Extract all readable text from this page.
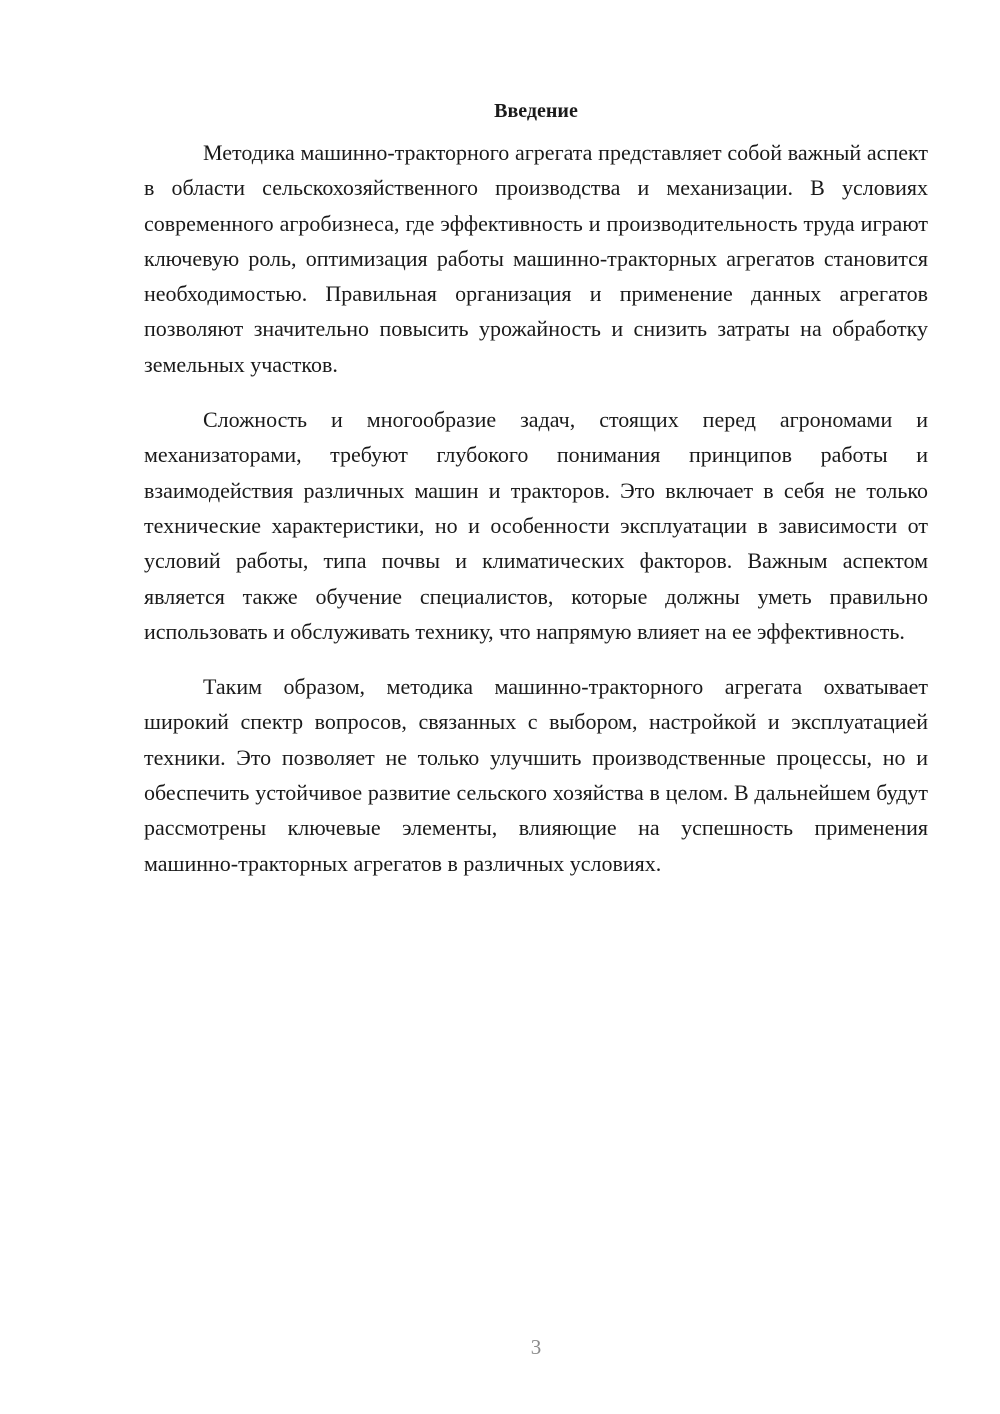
Введение

Методика машинно-тракторного агрегата представляет собой важный аспект в области сельскохозяйственного производства и механизации. В условиях современного агробизнеса, где эффективность и производительность труда играют ключевую роль, оптимизация работы машинно-тракторных агрегатов становится необходимостью. Правильная организация и применение данных агрегатов позволяют значительно повысить урожайность и снизить затраты на обработку земельных участков.

Сложность и многообразие задач, стоящих перед агрономами и механизаторами, требуют глубокого понимания принципов работы и взаимодействия различных машин и тракторов. Это включает в себя не только технические характеристики, но и особенности эксплуатации в зависимости от условий работы, типа почвы и климатических факторов. Важным аспектом является также обучение специалистов, которые должны уметь правильно использовать и обслуживать технику, что напрямую влияет на ее эффективность.

Таким образом, методика машинно-тракторного агрегата охватывает широкий спектр вопросов, связанных с выбором, настройкой и эксплуатацией техники. Это позволяет не только улучшить производственные процессы, но и обеспечить устойчивое развитие сельского хозяйства в целом. В дальнейшем будут рассмотрены ключевые элементы, влияющие на успешность применения машинно-тракторных агрегатов в различных условиях.

3
